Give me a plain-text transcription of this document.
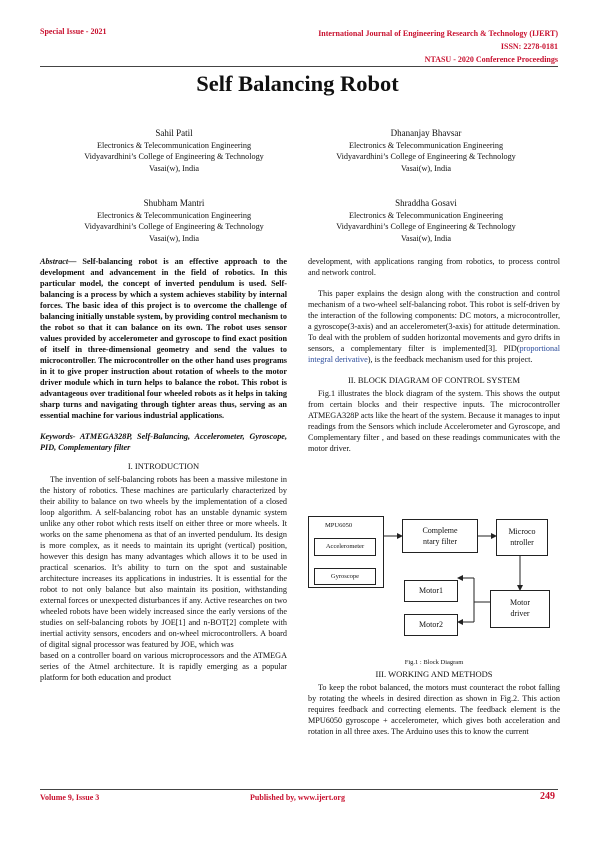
Special Issue - 2021	International Journal of Engineering Research & Technology (IJERT)
ISSN: 2278-0181
NTASU - 2020 Conference Proceedings
Self Balancing Robot
Sahil Patil
Electronics & Telecommunication Engineering
Vidyavardhini’s College of Engineering & Technology
Vasai(w), India
Dhananjay Bhavsar
Electronics & Telecommunication Engineering
Vidyavardhini’s College of Engineering & Technology
Vasai(w), India
Shubham Mantri
Electronics & Telecommunication Engineering
Vidyavardhini’s College of Engineering & Technology
Vasai(w), India
Shraddha Gosavi
Electronics & Telecommunication Engineering
Vidyavardhini’s College of Engineering & Technology
Vasai(w), India

Abstract— Self-balancing robot is an effective approach to the development and advancement in the field of robotics. In this particular model, the concept of inverted pendulum is used. Self-balancing is a process by which a system achieves stability by internal forces. The basic idea of this project is to overcome the challenge of balancing initially unstable system, by providing control mechanism to the robot so that it can balance on its own. The robot uses sensor values provided by accelerometer and gyroscope to find exact position of itself in three-dimensional geometry and send the values to microcontroller. The microcontroller on the other hand uses programs in it to give proper instruction about rotation of wheels to the motor driver module which in turn helps to balance the robot. This robot is advantageous over traditional four wheeled robots as it helps in taking sharp turns and navigating through tighter areas thus, serving as an essential machine for various industrial applications.

Keywords- ATMEGA328P, Self-Balancing, Accelerometer, Gyroscope, PID, Complementary filter

I. INTRODUCTION

The invention of self-balancing robots has been a massive milestone in the history of robotics. These machines are particularly characterized by their ability to balance on two wheels by the implementation of a closed loop algorithm. A self-balancing robot has an unstable dynamic system unlike any other robot which rests itself on either three or more wheels. It works on the same phenomena as that of an inverted pendulum. Its design is more complex, as it needs to maintain its upright (vertical) position, however this design has many advantages which allows it to be used in practical scenarios. It’s ability to turn on the spot and sustainable architecture increases its applications in industries. It is essential for the robot to not only balance but also maintain its position, withstanding external forces or unexpected disturbances if any. Active researches on two wheeled robots have been widely increased since the early versions of the studies on self-balancing robots by JOE[1] and n-BOT[2] complete with inertial activity sensors, encoders and on-wheel microcontrollers. A board of digital signal processor was featured by JOE, which was

based on a controller board on various microprocessors and the ATMEGA series of the Atmel architecture. It is rapidly emerging as a popular platform for both education and product

development, with applications ranging from robotics, to process control and network control.

This paper explains the design along with the construction and control mechanism of a two-wheel self-balancing robot. This robot is self-driven by the interaction of the following components: DC motors, a microcontroller, a gyroscope(3-axis) and an accelerometer(3-axis) for attitude determination. To deal with the problem of sudden horizontal movements and gyro drifts in sensors, a complementary filter is implemented[3]. PID(proportional integral derivative), is the feedback mechanism used for this project.

II. BLOCK DIAGRAM OF CONTROL SYSTEM

Fig.1 illustrates the block diagram of the system. This shows the output from certain blocks and their respective inputs. The microcontroller ATMEGA328P acts like the heart of the system. Because it manages to input readings from the Sensors which include Accelerometer and Gyroscope, and Complementary filter , and based on these readings communicates with the motor driver.

MPU6050
Accelerometer
Gyroscope
Compleme
ntary filter
Microco
ntroller
Motor1
Motor2
Motor
driver
Fig.1 : Block Diagram

III. WORKING AND METHODS

To keep the robot balanced, the motors must counteract the robot falling by rotating the wheels in desired direction as shown in Fig.2. This action requires feedback and correcting elements. The feedback element is the MPU6050 gyroscope + accelerometer, which gives both acceleration and rotation in all three axes. The Arduino uses this to know the current

Volume 9, Issue 3	Published by, www.ijert.org	249
